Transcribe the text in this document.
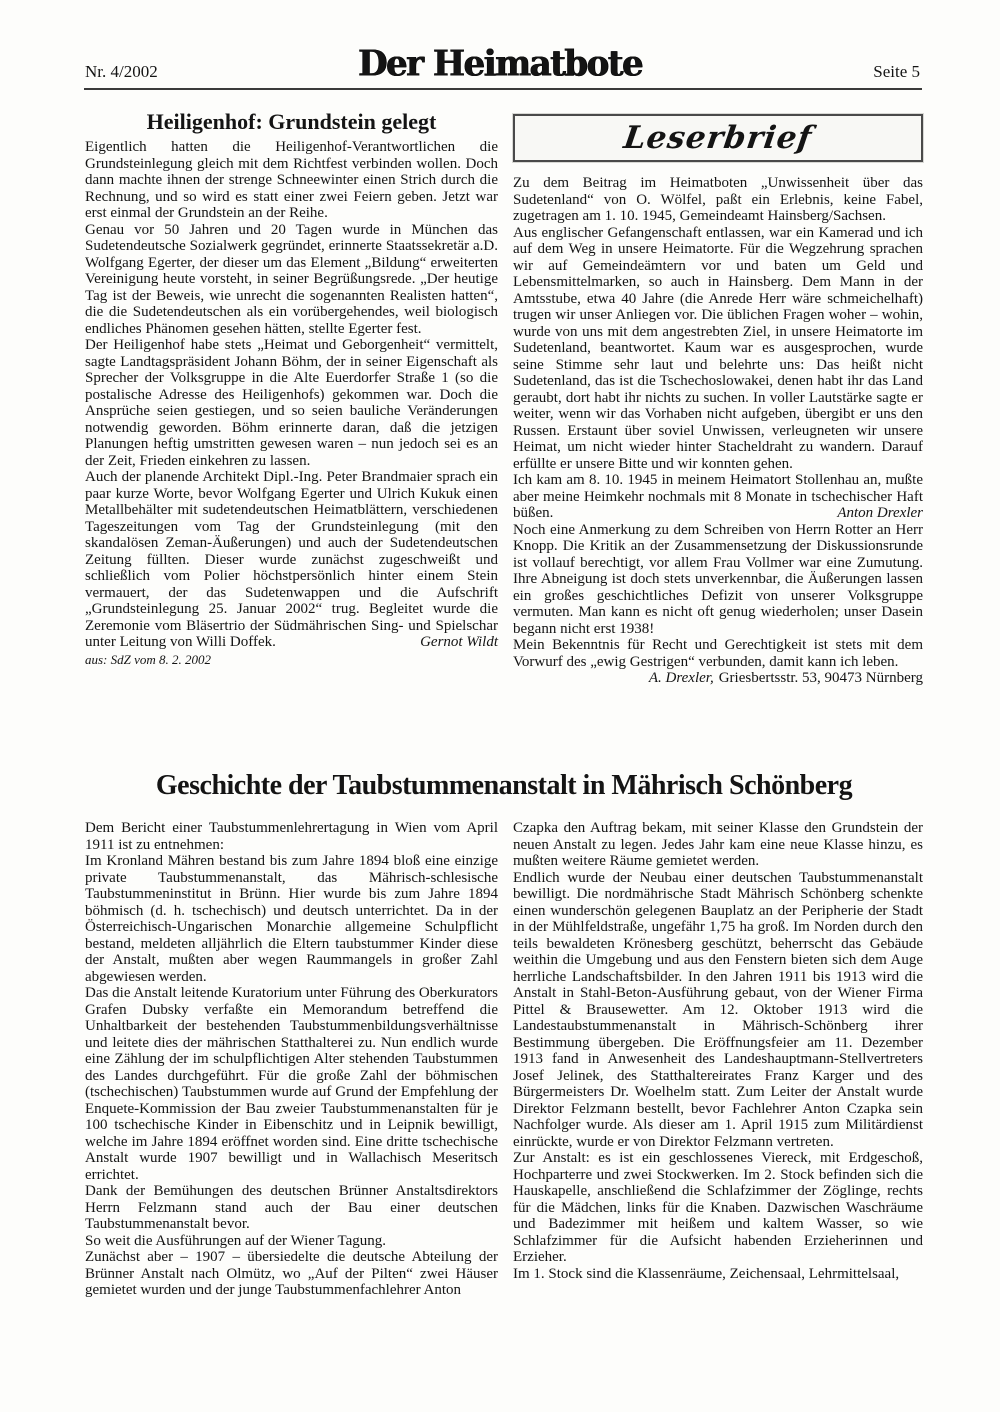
Nr. 4/2002	Der Heimatbote	Seite 5
Heiligenhof: Grundstein gelegt

Eigentlich hatten die Heiligenhof-Verantwortlichen die Grundsteinlegung gleich mit dem Richtfest verbinden wollen. Doch dann machte ihnen der strenge Schneewinter einen Strich durch die Rechnung, und so wird es statt einer zwei Feiern geben. Jetzt war erst einmal der Grundstein an der Reihe.

Genau vor 50 Jahren und 20 Tagen wurde in München das Sudetendeutsche Sozialwerk gegründet, erinnerte Staatssekretär a.D. Wolfgang Egerter, der dieser um das Element „Bildung“ erweiterten Vereinigung heute vorsteht, in seiner Begrüßungsrede. „Der heutige Tag ist der Beweis, wie unrecht die sogenannten Realisten hatten“, die die Sudetendeutschen als ein vorübergehendes, weil biologisch endliches Phänomen gesehen hätten, stellte Egerter fest.

Der Heiligenhof habe stets „Heimat und Geborgenheit“ vermittelt, sagte Landtagspräsident Johann Böhm, der in seiner Eigenschaft als Sprecher der Volksgruppe in die Alte Euerdorfer Straße 1 (so die postalische Adresse des Heiligenhofs) gekommen war. Doch die Ansprüche seien gestiegen, und so seien bauliche Veränderungen notwendig geworden. Böhm erinnerte daran, daß die jetzigen Planungen heftig umstritten gewesen waren – nun jedoch sei es an der Zeit, Frieden einkehren zu lassen.

Auch der planende Architekt Dipl.-Ing. Peter Brandmaier sprach ein paar kurze Worte, bevor Wolfgang Egerter und Ulrich Kukuk einen Metallbehälter mit sudetendeutschen Heimatblättern, verschiedenen Tageszeitungen vom Tag der Grundsteinlegung (mit den skandalösen Zeman-Äußerungen) und auch der Sudetendeutschen Zeitung füllten. Dieser wurde zunächst zugeschweißt und schließlich vom Polier höchstpersönlich hinter einem Stein vermauert, der das Sudetenwappen und die Aufschrift „Grundsteinlegung 25. Januar 2002“ trug. Begleitet wurde die Zeremonie vom Bläsertrio der Südmährischen Sing- und Spielschar unter Leitung von Willi Doffek.	Gernot Wildt

aus: SdZ vom 8. 2. 2002

Leserbrief

Zu dem Beitrag im Heimatboten „Unwissenheit über das Sudetenland“ von O. Wölfel, paßt ein Erlebnis, keine Fabel, zugetragen am 1. 10. 1945, Gemeindeamt Hainsberg/Sachsen.

Aus englischer Gefangenschaft entlassen, war ein Kamerad und ich auf dem Weg in unsere Heimatorte. Für die Wegzehrung sprachen wir auf Gemeindeämtern vor und baten um Geld und Lebensmittelmarken, so auch in Hainsberg. Dem Mann in der Amtsstube, etwa 40 Jahre (die Anrede Herr wäre schmeichelhaft) trugen wir unser Anliegen vor. Die üblichen Fragen woher – wohin, wurde von uns mit dem angestrebten Ziel, in unsere Heimatorte im Sudetenland, beantwortet. Kaum war es ausgesprochen, wurde seine Stimme sehr laut und belehrte uns: Das heißt nicht Sudetenland, das ist die Tschechoslowakei, denen habt ihr das Land geraubt, dort habt ihr nichts zu suchen. In voller Lautstärke sagte er weiter, wenn wir das Vorhaben nicht aufgeben, übergibt er uns den Russen. Erstaunt über soviel Unwissen, verleugneten wir unsere Heimat, um nicht wieder hinter Stacheldraht zu wandern. Darauf erfüllte er unsere Bitte und wir konnten gehen.

Ich kam am 8. 10. 1945 in meinem Heimatort Stollenhau an, mußte aber meine Heimkehr nochmals mit 8 Monate in tschechischer Haft büßen.	Anton Drexler

Noch eine Anmerkung zu dem Schreiben von Herrn Rotter an Herr Knopp. Die Kritik an der Zusammensetzung der Diskussionsrunde ist vollauf berechtigt, vor allem Frau Vollmer war eine Zumutung. Ihre Abneigung ist doch stets unverkennbar, die Äußerungen lassen ein großes geschichtliches Defizit von unserer Volksgruppe vermuten. Man kann es nicht oft genug wiederholen; unser Dasein begann nicht erst 1938!

Mein Bekenntnis für Recht und Gerechtigkeit ist stets mit dem Vorwurf des „ewig Gestrigen“ verbunden, damit kann ich leben.

A. Drexler, Griesbertsstr. 53, 90473 Nürnberg

Geschichte der Taubstummenanstalt in Mährisch Schönberg

Dem Bericht einer Taubstummenlehrertagung in Wien vom April 1911 ist zu entnehmen:

Im Kronland Mähren bestand bis zum Jahre 1894 bloß eine einzige private Taubstummenanstalt, das Mährisch-schlesische Taubstummeninstitut in Brünn. Hier wurde bis zum Jahre 1894 böhmisch (d. h. tschechisch) und deutsch unterrichtet. Da in der Österreichisch-Ungarischen Monarchie allgemeine Schulpflicht bestand, meldeten alljährlich die Eltern taubstummer Kinder diese der Anstalt, mußten aber wegen Raummangels in großer Zahl abgewiesen werden.

Das die Anstalt leitende Kuratorium unter Führung des Oberkurators Grafen Dubsky verfaßte ein Memorandum betreffend die Unhaltbarkeit der bestehenden Taubstummenbildungsverhältnisse und leitete dies der mährischen Statthalterei zu. Nun endlich wurde eine Zählung der im schulpflichtigen Alter stehenden Taubstummen des Landes durchgeführt. Für die große Zahl der böhmischen (tschechischen) Taubstummen wurde auf Grund der Empfehlung der Enquete-Kommission der Bau zweier Taubstummenanstalten für je 100 tschechische Kinder in Eibenschitz und in Leipnik bewilligt, welche im Jahre 1894 eröffnet worden sind. Eine dritte tschechische Anstalt wurde 1907 bewilligt und in Wallachisch Meseritsch errichtet.

Dank der Bemühungen des deutschen Brünner Anstaltsdirektors Herrn Felzmann stand auch der Bau einer deutschen Taubstummenanstalt bevor.

So weit die Ausführungen auf der Wiener Tagung.

Zunächst aber – 1907 – übersiedelte die deutsche Abteilung der Brünner Anstalt nach Olmütz, wo „Auf der Pilten“ zwei Häuser gemietet wurden und der junge Taubstummenfachlehrer Anton

Czapka den Auftrag bekam, mit seiner Klasse den Grundstein der neuen Anstalt zu legen. Jedes Jahr kam eine neue Klasse hinzu, es mußten weitere Räume gemietet werden.

Endlich wurde der Neubau einer deutschen Taubstummenanstalt bewilligt. Die nordmährische Stadt Mährisch Schönberg schenkte einen wunderschön gelegenen Bauplatz an der Peripherie der Stadt in der Mühlfeldstraße, ungefähr 1,75 ha groß. Im Norden durch den teils bewaldeten Krönesberg geschützt, beherrscht das Gebäude weithin die Umgebung und aus den Fenstern bieten sich dem Auge herrliche Landschaftsbilder. In den Jahren 1911 bis 1913 wird die Anstalt in Stahl-Beton-Ausführung gebaut, von der Wiener Firma Pittel & Brausewetter. Am 12. Oktober 1913 wird die Landestaubstummenanstalt in Mährisch-Schönberg ihrer Bestimmung übergeben. Die Eröffnungsfeier am 11. Dezember 1913 fand in Anwesenheit des Landeshauptmann-Stellvertreters Josef Jelinek, des Statthaltereirates Franz Karger und des Bürgermeisters Dr. Woelhelm statt. Zum Leiter der Anstalt wurde Direktor Felzmann bestellt, bevor Fachlehrer Anton Czapka sein Nachfolger wurde. Als dieser am 1. April 1915 zum Militärdienst einrückte, wurde er von Direktor Felzmann vertreten.

Zur Anstalt: es ist ein geschlossenes Viereck, mit Erdgeschoß, Hochparterre und zwei Stockwerken. Im 2. Stock befinden sich die Hauskapelle, anschließend die Schlafzimmer der Zöglinge, rechts für die Mädchen, links für die Knaben. Dazwischen Waschräume und Badezimmer mit heißem und kaltem Wasser, so wie Schlafzimmer für die Aufsicht habenden Erzieherinnen und Erzieher.

Im 1. Stock sind die Klassenräume, Zeichensaal, Lehrmittelsaal,
